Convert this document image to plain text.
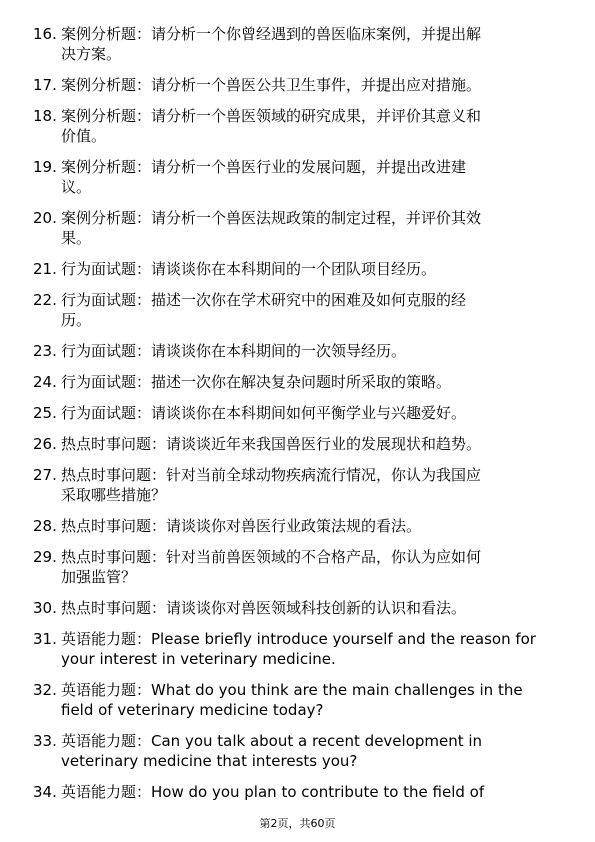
16. 案例分析题：请分析一个你曾经遇到的兽医临床案例，并提出解
决方案。
17. 案例分析题：请分析一个兽医公共卫生事件，并提出应对措施。
18. 案例分析题：请分析一个兽医领域的研究成果，并评价其意义和
价值。
19. 案例分析题：请分析一个兽医行业的发展问题，并提出改进建
议。
20. 案例分析题：请分析一个兽医法规政策的制定过程，并评价其效
果。
21. 行为面试题：请谈谈你在本科期间的一个团队项目经历。
22. 行为面试题：描述一次你在学术研究中的困难及如何克服的经
历。
23. 行为面试题：请谈谈你在本科期间的一次领导经历。
24. 行为面试题：描述一次你在解决复杂问题时所采取的策略。
25. 行为面试题：请谈谈你在本科期间如何平衡学业与兴趣爱好。
26. 热点时事问题：请谈谈近年来我国兽医行业的发展现状和趋势。
27. 热点时事问题：针对当前全球动物疾病流行情况，你认为我国应
采取哪些措施？
28. 热点时事问题：请谈谈你对兽医行业政策法规的看法。
29. 热点时事问题：针对当前兽医领域的不合格产品，你认为应如何
加强监管？
30. 热点时事问题：请谈谈你对兽医领域科技创新的认识和看法。
31. 英语能力题：Please briefly introduce yourself and the reason for
your interest in veterinary medicine.
32. 英语能力题：What do you think are the main challenges in the
field of veterinary medicine today?
33. 英语能力题：Can you talk about a recent development in
veterinary medicine that interests you?
34. 英语能力题：How do you plan to contribute to the field of
第2页，共60页
